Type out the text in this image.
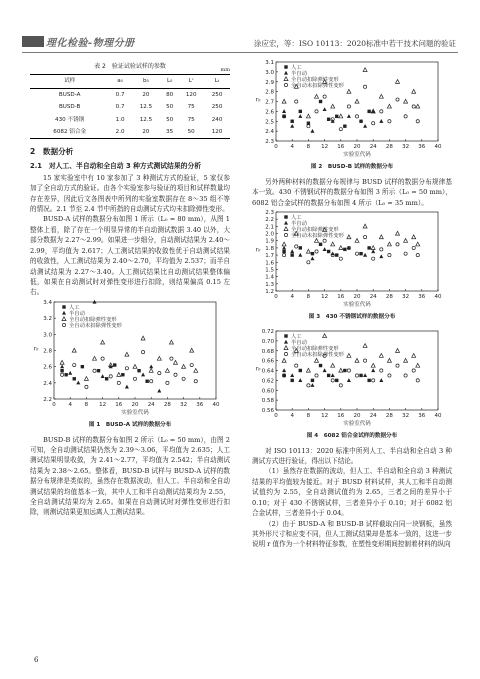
理化检验-物理分册	涂应宏，等：ISO 10113：2020标准中若干技术问题的验证
表 2　验证试验试样的参数	mm
试样	a₀	b₀	L₀	Lᶜ	Lₜ
BUSD-A	0.7	20	80	120	250
BUSD-B	0.7	12.5	50	75	250
430 不锈钢	1.0	12.5	50	75	240
6082 铝合金	2.0	20	35	50	120
2　数据分析
2.1　对人工、半自动和全自动 3 种方式测试结果的分析

15 家实验室中有 10 家参加了 3 种测试方式的验证，5 家仅参加了全自动方式的验证。由各个实验室参与验证的项目和试样数量均存在差异，因此后文各图表中所列的实验室数据存在 8～35 组不等的情况。2.1 节至 2.4 节中所指的自动测试方式均未扣除弹性变形。

BUSD-A 试样的数据分布如图 1 所示（L₀ = 80 mm），从图 1 整体上看，除了存在一个明显异常的半自动测试数据 3.40 以外，大部分数据为 2.27～2.99。如果进一步细分，自动测试结果为 2.40～2.99，平均值为 2.617；人工测试结果的收敛性优于自动测试结果的收敛性，人工测试结果为 2.40～2.70，平均值为 2.537；而半自动测试结果为 2.27～3.40。人工测试结果比自动测试结果整体偏低，如果在自动测试时对弹性变形进行扣除，则结果偏高 0.15 左右。

0 4 8 12 16 20 24 28 32 36 40
2.2
2.4
2.6
2.8
3.0
3.2
3.4
实验室代码
r₀
人工
半自动
全自动扣除弹性变形
全自动未扣除弹性变形
图 1　BUSD-A 试样的数据分布

BUSD-B 试样的数据分布如图 2 所示（L₀ = 50 mm），由图 2 可知，全自动测试结果仍然为 2.39～3.06，平均值为 2.635；人工测试结果明显收敛，为 2.41～2.77，平均值为 2.542；半自动测试结果为 2.38～2.65。整体看，BUSD-B 试样与 BUSD-A 试样的数据分布规律是类似的，虽然存在数据波动，但人工、半自动和全自动测试结果的均值基本一致，其中人工和半自动测试结果均为 2.55，全自动测试结果均为 2.65。如果在自动测试时对弹性变形进行扣除，则测试结果更加远离人工测试结果。

0 4 8 12 16 20 24 28 32 36 40
2.3
2.4
2.5
2.6
2.7
2.8
2.9
3.0
3.1
实验室代码
r₀
人工
半自动
全自动扣除弹性变形
全自动未扣除弹性变形
图 2　BUSD-B 试样的数据分布

另外两种材料的数据分布规律与 BUSD 试样的数据分布规律基本一致。430 不锈钢试样的数据分布如图 3 所示（L₀ = 50 mm），6082 铝合金试样的数据分布如图 4 所示（L₀ = 35 mm）。

0 4 8 12 16 20 24 28 32 36 40
1.2
1.3
1.4
1.5
1.6
1.7
1.8
1.9
2.0
2.1
2.2
2.3
实验室代码
r₀
人工
半自动
全自动扣除弹性变形
全自动未扣除弹性变形
图 3　430 不锈钢试样的数据分布
0 4 8 12 16 20 24 28 32 36 40
0.56
0.58
0.60
0.62
0.64
0.66
0.68
0.70
0.72
实验室代码
r₀
人工
半自动
全自动扣除弹性变形
全自动未扣除弹性变形
图 4　6082 铝合金试样的数据分布

对 ISO 10113：2020 标准中所列人工、半自动和全自动 3 种测试方式进行验证，得出以下结论。

（1）虽然存在数据的波动，但人工、半自动和全自动 3 种测试结果的平均值较为接近。对于 BUSD 材料试样，其人工和半自动测试值约为 2.55，全自动测试值约为 2.65，三者之间的差异小于 0.10；对于 430 不锈钢试样，三者差异小于 0.10；对于 6082 铝合金试样，三者差异小于 0.04。

（2）由于 BUSD-A 和 BUSD-B 试样截取自同一块钢板，虽然其外形尺寸和应变不同，但人工测试结果却是基本一致的，这进一步说明 r 值作为一个材料特征参数，在塑性变形期间控制着材料的纵向

6
